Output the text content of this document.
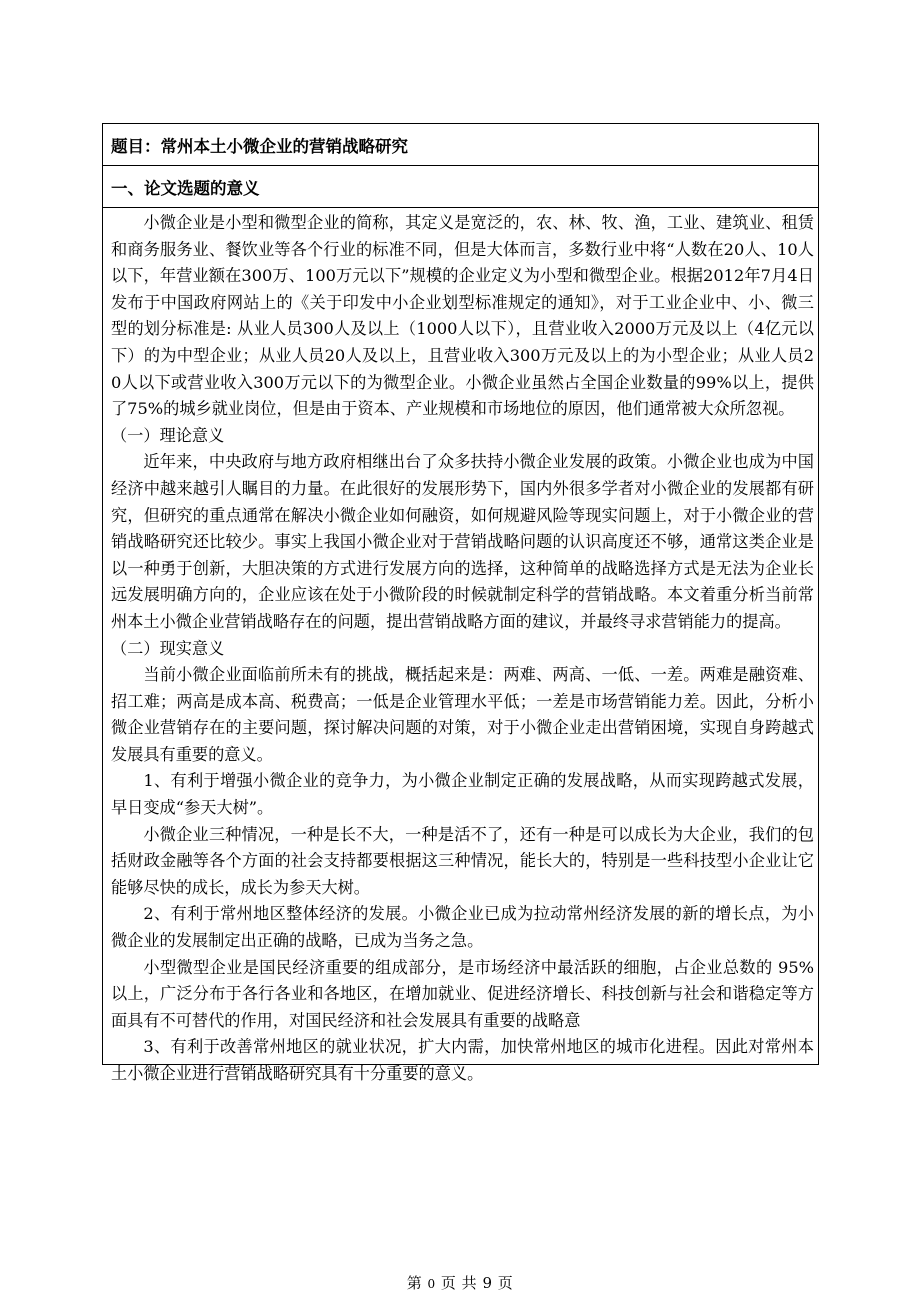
题目： 常州本土小微企业的营销战略研究
一、论文选题的意义

小微企业是小型和微型企业的简称，其定义是宽泛的，农、林、牧、渔，工业、建筑业、租赁和商务服务业、餐饮业等各个行业的标准不同，但是大体而言，多数行业中将“人数在20人、10人以下，年营业额在300万、100万元以下”规模的企业定义为小型和微型企业。根据2012年7月4日发布于中国政府网站上的《关于印发中小企业划型标准规定的通知》，对于工业企业中、小、微三型的划分标准是: 从业人员300人及以上（1000人以下），且营业收入2000万元及以上（4亿元以下）的为中型企业；从业人员20人及以上，且营业收入300万元及以上的为小型企业；从业人员20人以下或营业收入300万元以下的为微型企业。小微企业虽然占全国企业数量的99%以上，提供了75%的城乡就业岗位，但是由于资本、产业规模和市场地位的原因，他们通常被大众所忽视。

（一）理论意义

近年来，中央政府与地方政府相继出台了众多扶持小微企业发展的政策。小微企业也成为中国经济中越来越引人瞩目的力量。在此很好的发展形势下，国内外很多学者对小微企业的发展都有研究，但研究的重点通常在解决小微企业如何融资，如何规避风险等现实问题上，对于小微企业的营销战略研究还比较少。事实上我国小微企业对于营销战略问题的认识高度还不够，通常这类企业是以一种勇于创新，大胆决策的方式进行发展方向的选择，这种简单的战略选择方式是无法为企业长远发展明确方向的，企业应该在处于小微阶段的时候就制定科学的营销战略。本文着重分析当前常州本土小微企业营销战略存在的问题，提出营销战略方面的建议，并最终寻求营销能力的提高。

（二）现实意义

当前小微企业面临前所未有的挑战，概括起来是：两难、两高、一低、一差。两难是融资难、招工难；两高是成本高、税费高；一低是企业管理水平低；一差是市场营销能力差。因此，分析小微企业营销存在的主要问题，探讨解决问题的对策，对于小微企业走出营销困境，实现自身跨越式发展具有重要的意义。

1、有利于增强小微企业的竞争力，为小微企业制定正确的发展战略，从而实现跨越式发展，早日变成“参天大树”。

小微企业三种情况，一种是长不大，一种是活不了，还有一种是可以成长为大企业，我们的包括财政金融等各个方面的社会支持都要根据这三种情况，能长大的，特别是一些科技型小企业让它能够尽快的成长，成长为参天大树。

2、有利于常州地区整体经济的发展。小微企业已成为拉动常州经济发展的新的增长点，为小微企业的发展制定出正确的战略，已成为当务之急。

小型微型企业是国民经济重要的组成部分，是市场经济中最活跃的细胞，占企业总数的 95%以上，广泛分布于各行各业和各地区，在增加就业、促进经济增长、科技创新与社会和谐稳定等方面具有不可替代的作用，对国民经济和社会发展具有重要的战略意

3、有利于改善常州地区的就业状况，扩大内需，加快常州地区的城市化进程。因此对常州本土小微企业进行营销战略研究具有十分重要的意义。

第 0 页 共 9 页
